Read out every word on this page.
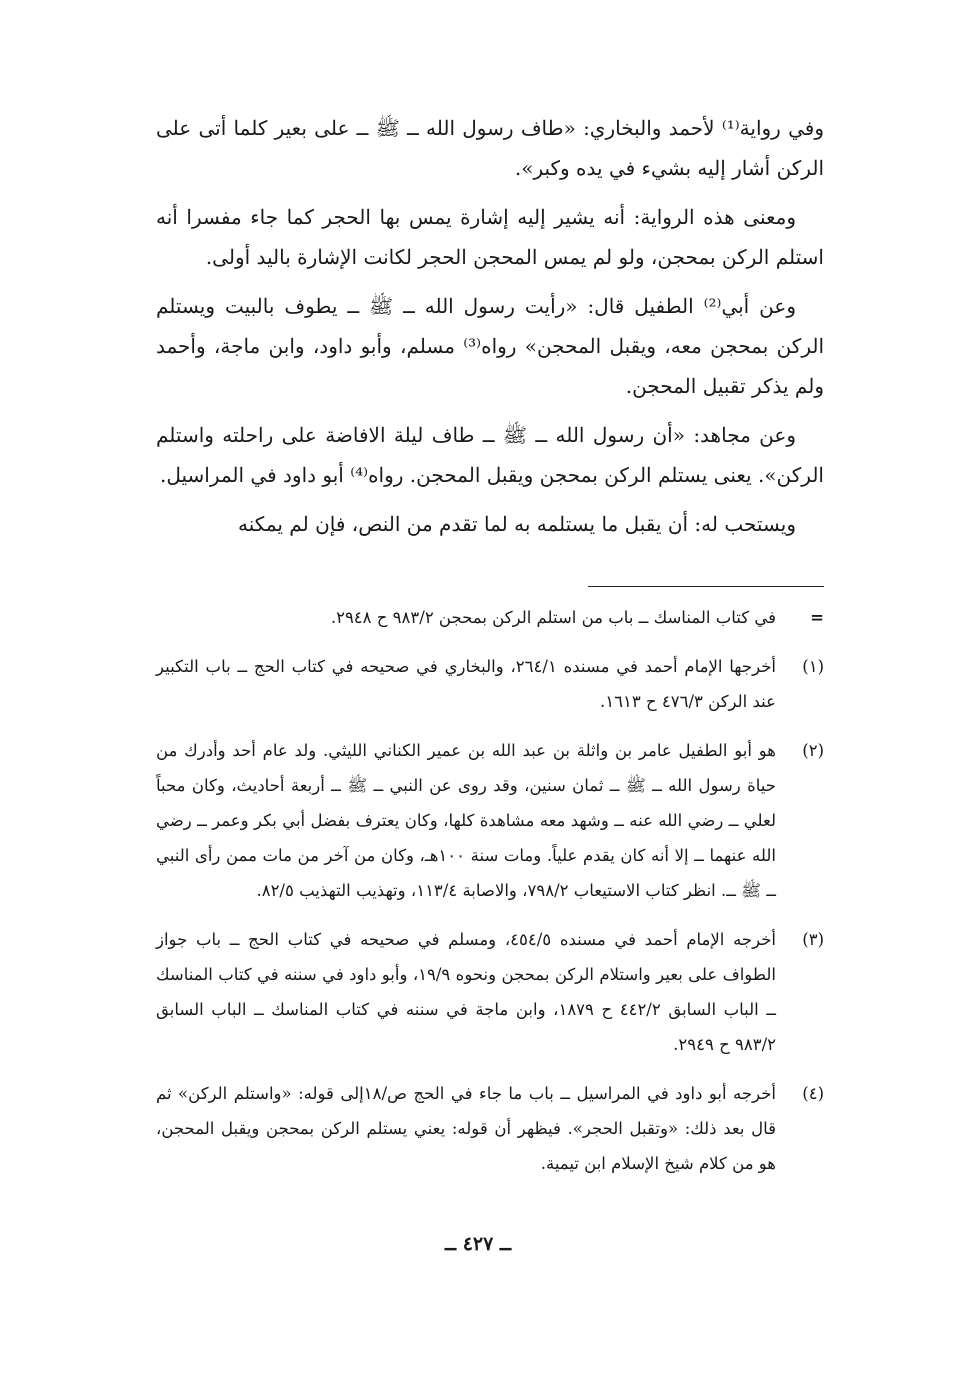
وفي رواية⁽¹⁾ لأحمد والبخاري: «طاف رسول الله ــ ﷺ ــ على بعير كلما أتى على الركن أشار إليه بشيء في يده وكبر».

ومعنى هذه الرواية: أنه يشير إليه إشارة يمس بها الحجر كما جاء مفسرا أنه استلم الركن بمحجن، ولو لم يمس المحجن الحجر لكانت الإشارة باليد أولى.

وعن أبي⁽²⁾ الطفيل قال: «رأيت رسول الله ــ ﷺ ــ يطوف بالبيت ويستلم الركن بمحجن معه، ويقبل المحجن» رواه⁽³⁾ مسلم، وأبو داود، وابن ماجة، وأحمد ولم يذكر تقبيل المحجن.

وعن مجاهد: «أن رسول الله ــ ﷺ ــ طاف ليلة الافاضة على راحلته واستلم الركن». يعنى يستلم الركن بمحجن ويقبل المحجن. رواه⁽⁴⁾ أبو داود في المراسيل.

ويستحب له: أن يقبل ما يستلمه به لما تقدم من النص، فإن لم يمكنه

=
في كتاب المناسك ــ باب من استلم الركن بمحجن ٩٨٣/٢ ح ٢٩٤٨.
(١)
أخرجها الإمام أحمد في مسنده ٢٦٤/١، والبخاري في صحيحه في كتاب الحج ــ باب التكبير عند الركن ٤٧٦/٣ ح ١٦١٣.
(٢)
هو أبو الطفيل عامر بن واثلة بن عبد الله بن عمير الكناني الليثي. ولد عام أحد وأدرك من حياة رسول الله ــ ﷺ ــ ثمان سنين، وقد روى عن النبي ــ ﷺ ــ أربعة أحاديث، وكان محباً لعلي ــ رضي الله عنه ــ وشهد معه مشاهدة كلها، وكان يعترف بفضل أبي بكر وعمر ــ رضي الله عنهما ــ إلا أنه كان يقدم علياً. ومات سنة ١٠٠هـ، وكان من آخر من مات ممن رأى النبي ــ ﷺ ــ. انظر كتاب الاستيعاب ٧٩٨/٢، والاصابة ١١٣/٤، وتهذيب التهذيب ٨٢/٥.
(٣)
أخرجه الإمام أحمد في مسنده ٤٥٤/٥، ومسلم في صحيحه في كتاب الحج ــ باب جواز الطواف على بعير واستلام الركن بمحجن ونحوه ١٩/٩، وأبو داود في سننه في كتاب المناسك ــ الباب السابق ٤٤٢/٢ ح ١٨٧٩، وابن ماجة في سننه في كتاب المناسك ــ الباب السابق ٩٨٣/٢ ح ٢٩٤٩.
(٤)
أخرجه أبو داود في المراسيل ــ باب ما جاء في الحج ص/١٨إلى قوله: «واستلم الركن» ثم قال بعد ذلك: «وتقبل الحجر». فيظهر أن قوله: يعني يستلم الركن بمحجن ويقبل المحجن، هو من كلام شيخ الإسلام ابن تيمية.
ــ ٤٢٧ ــ
